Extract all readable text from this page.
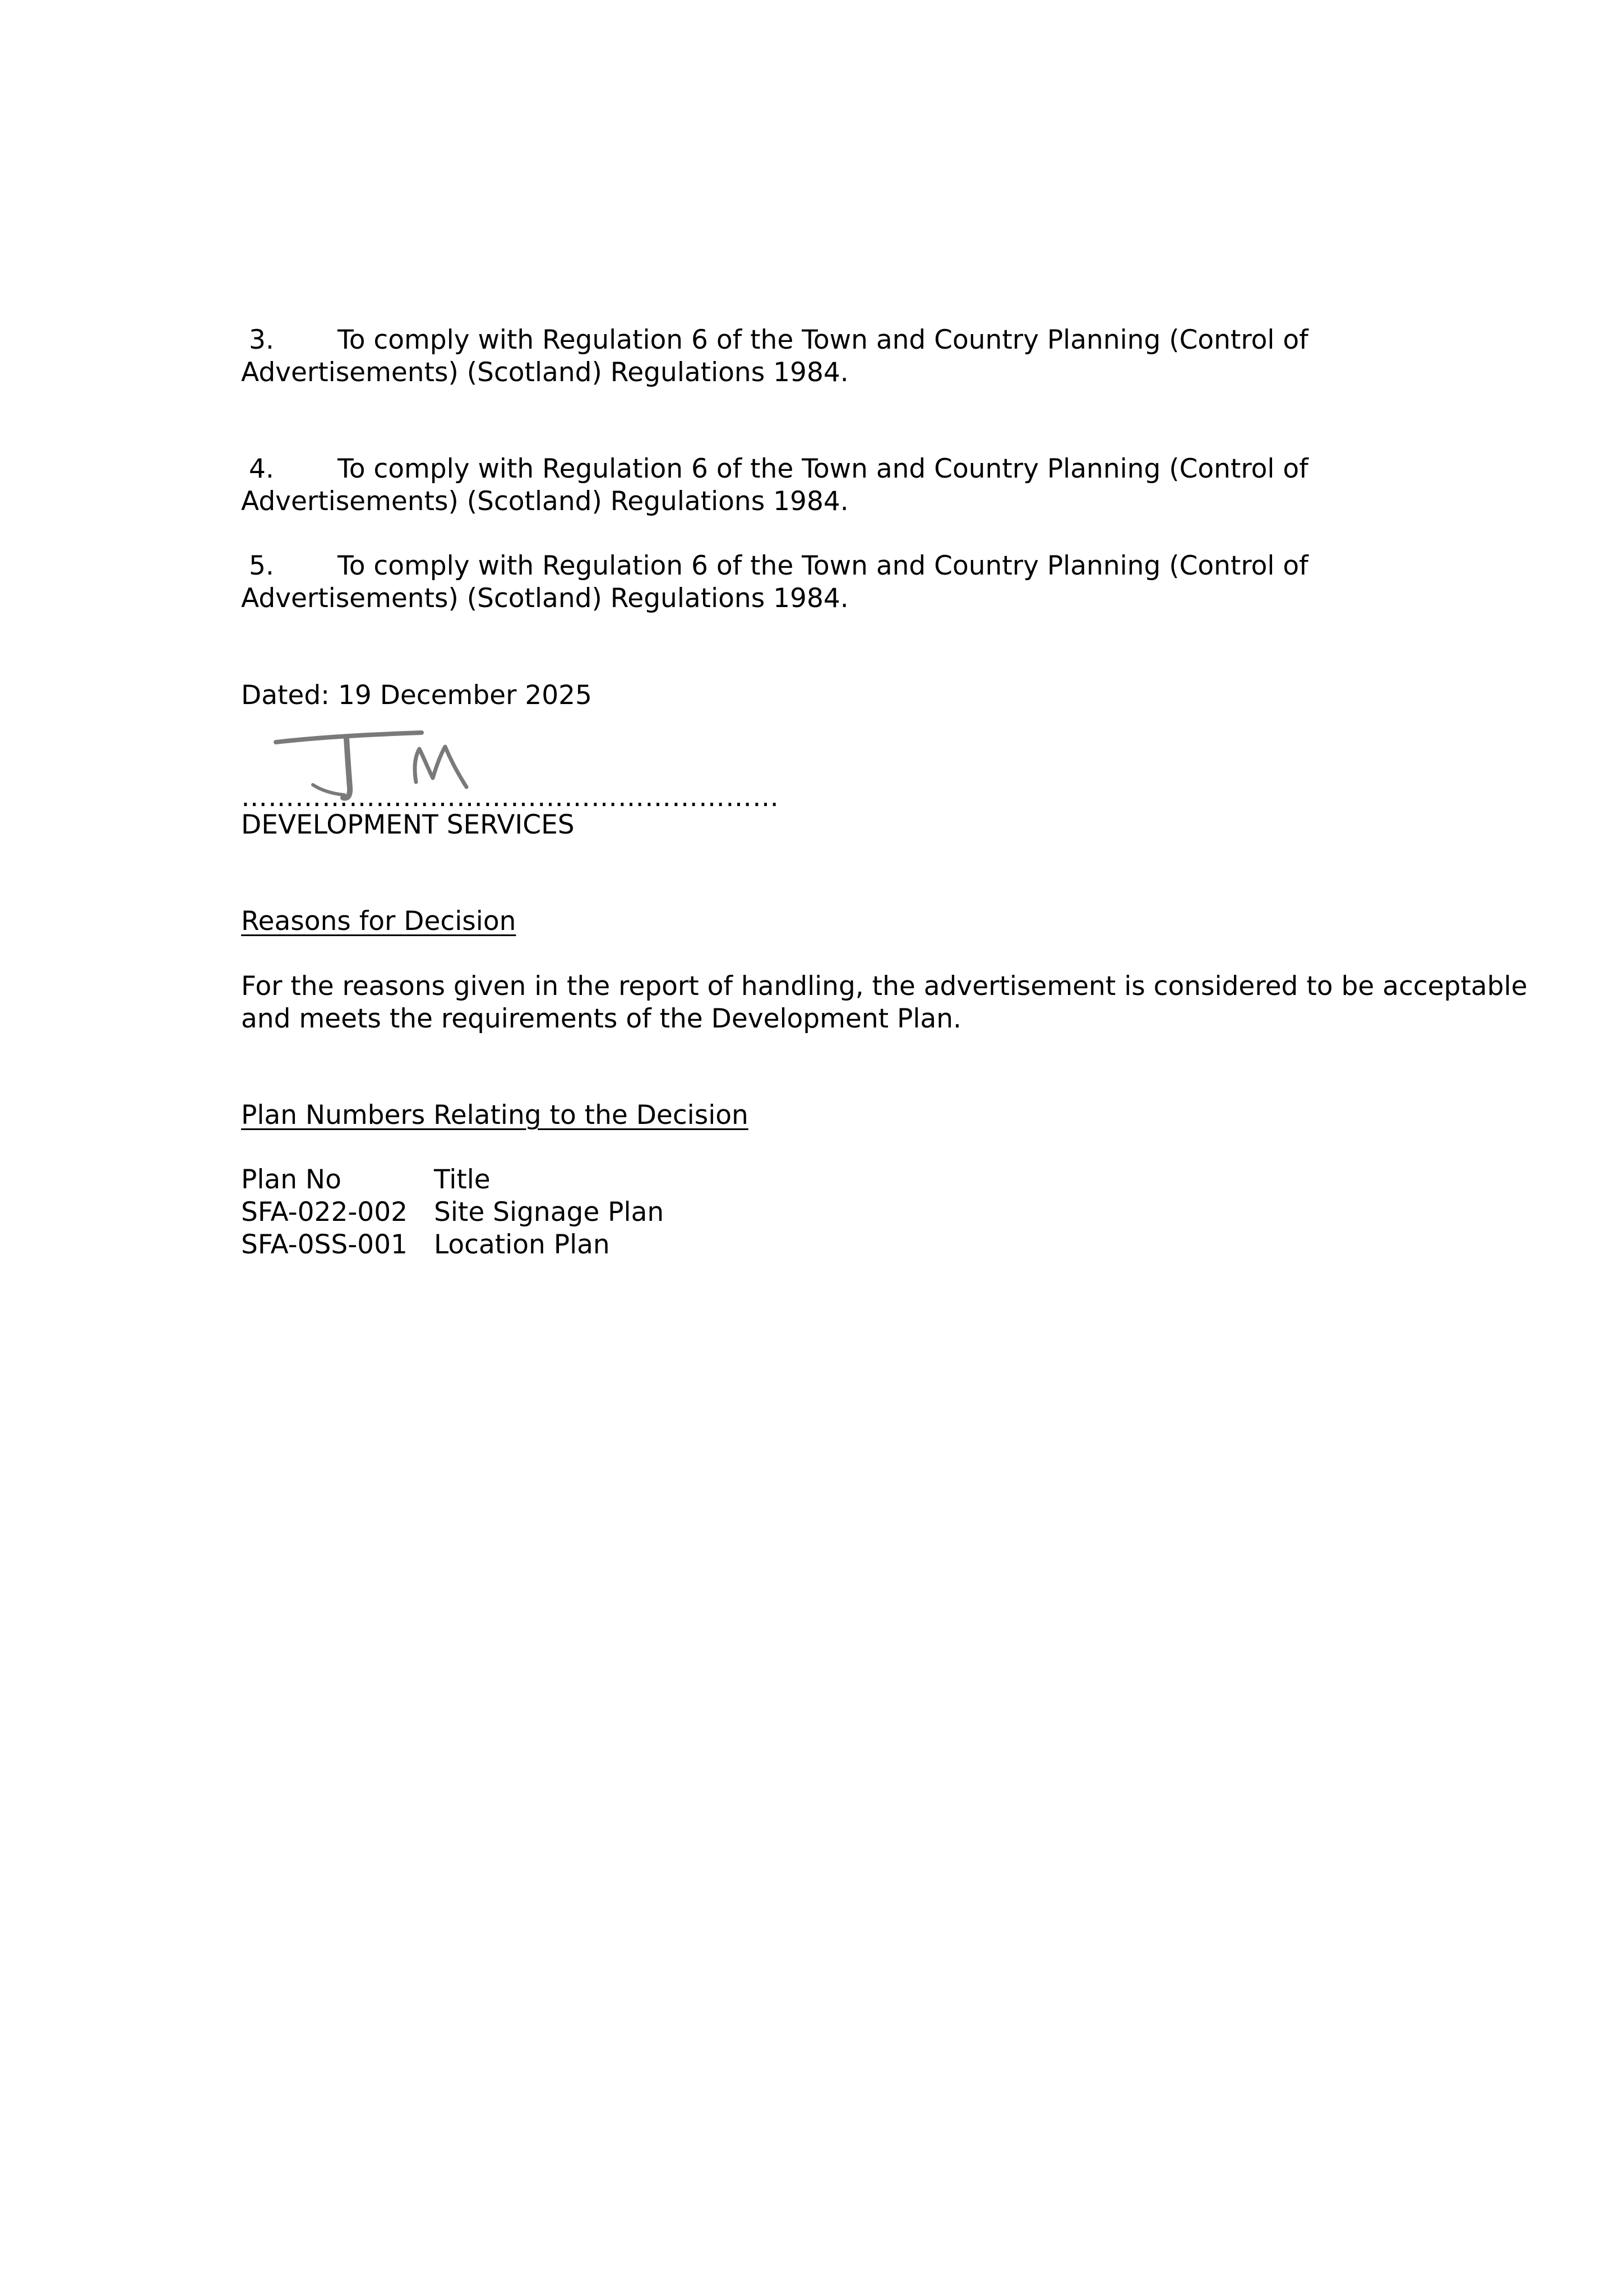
3. To comply with Regulation 6 of the Town and Country Planning (Control of
Advertisements) (Scotland) Regulations 1984.
4. To comply with Regulation 6 of the Town and Country Planning (Control of
Advertisements) (Scotland) Regulations 1984.
5. To comply with Regulation 6 of the Town and Country Planning (Control of
Advertisements) (Scotland) Regulations 1984.
Dated: 19 December 2025
……………………………………………………
DEVELOPMENT SERVICES
Reasons for Decision
For the reasons given in the report of handling, the advertisement is considered to be acceptable
and meets the requirements of the Development Plan.
Plan Numbers Relating to the Decision
Plan No	Title
SFA-022-002	Site Signage Plan
SFA-0SS-001	Location Plan
